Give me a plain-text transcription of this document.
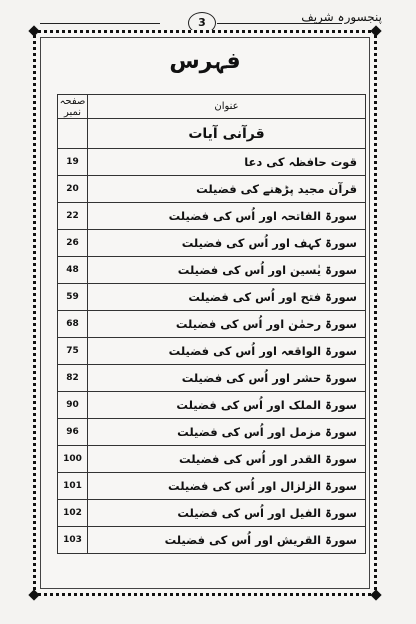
3	پنجسورہ شریف
فہرس
صفحہ نمبر	عنوان
	قرآنی آیات
19	قوت حافظہ کی دعا
20	قرآن مجید پڑھنے کی فضیلت
22	سورۃ الفاتحہ اور اُس کی فضیلت
26	سورۃ کہف اور اُس کی فضیلت
48	سورۃ یٰسین اور اُس کی فضیلت
59	سورۃ فتح اور اُس کی فضیلت
68	سورۃ رحمٰن اور اُس کی فضیلت
75	سورۃ الواقعہ اور اُس کی فضیلت
82	سورۃ حشر اور اُس کی فضیلت
90	سورۃ الملک اور اُس کی فضیلت
96	سورۃ مزمل اور اُس کی فضیلت
100	سورۃ القدر اور اُس کی فضیلت
101	سورۃ الزلزال اور اُس کی فضیلت
102	سورۃ الفیل اور اُس کی فضیلت
103	سورۃ القریش اور اُس کی فضیلت
